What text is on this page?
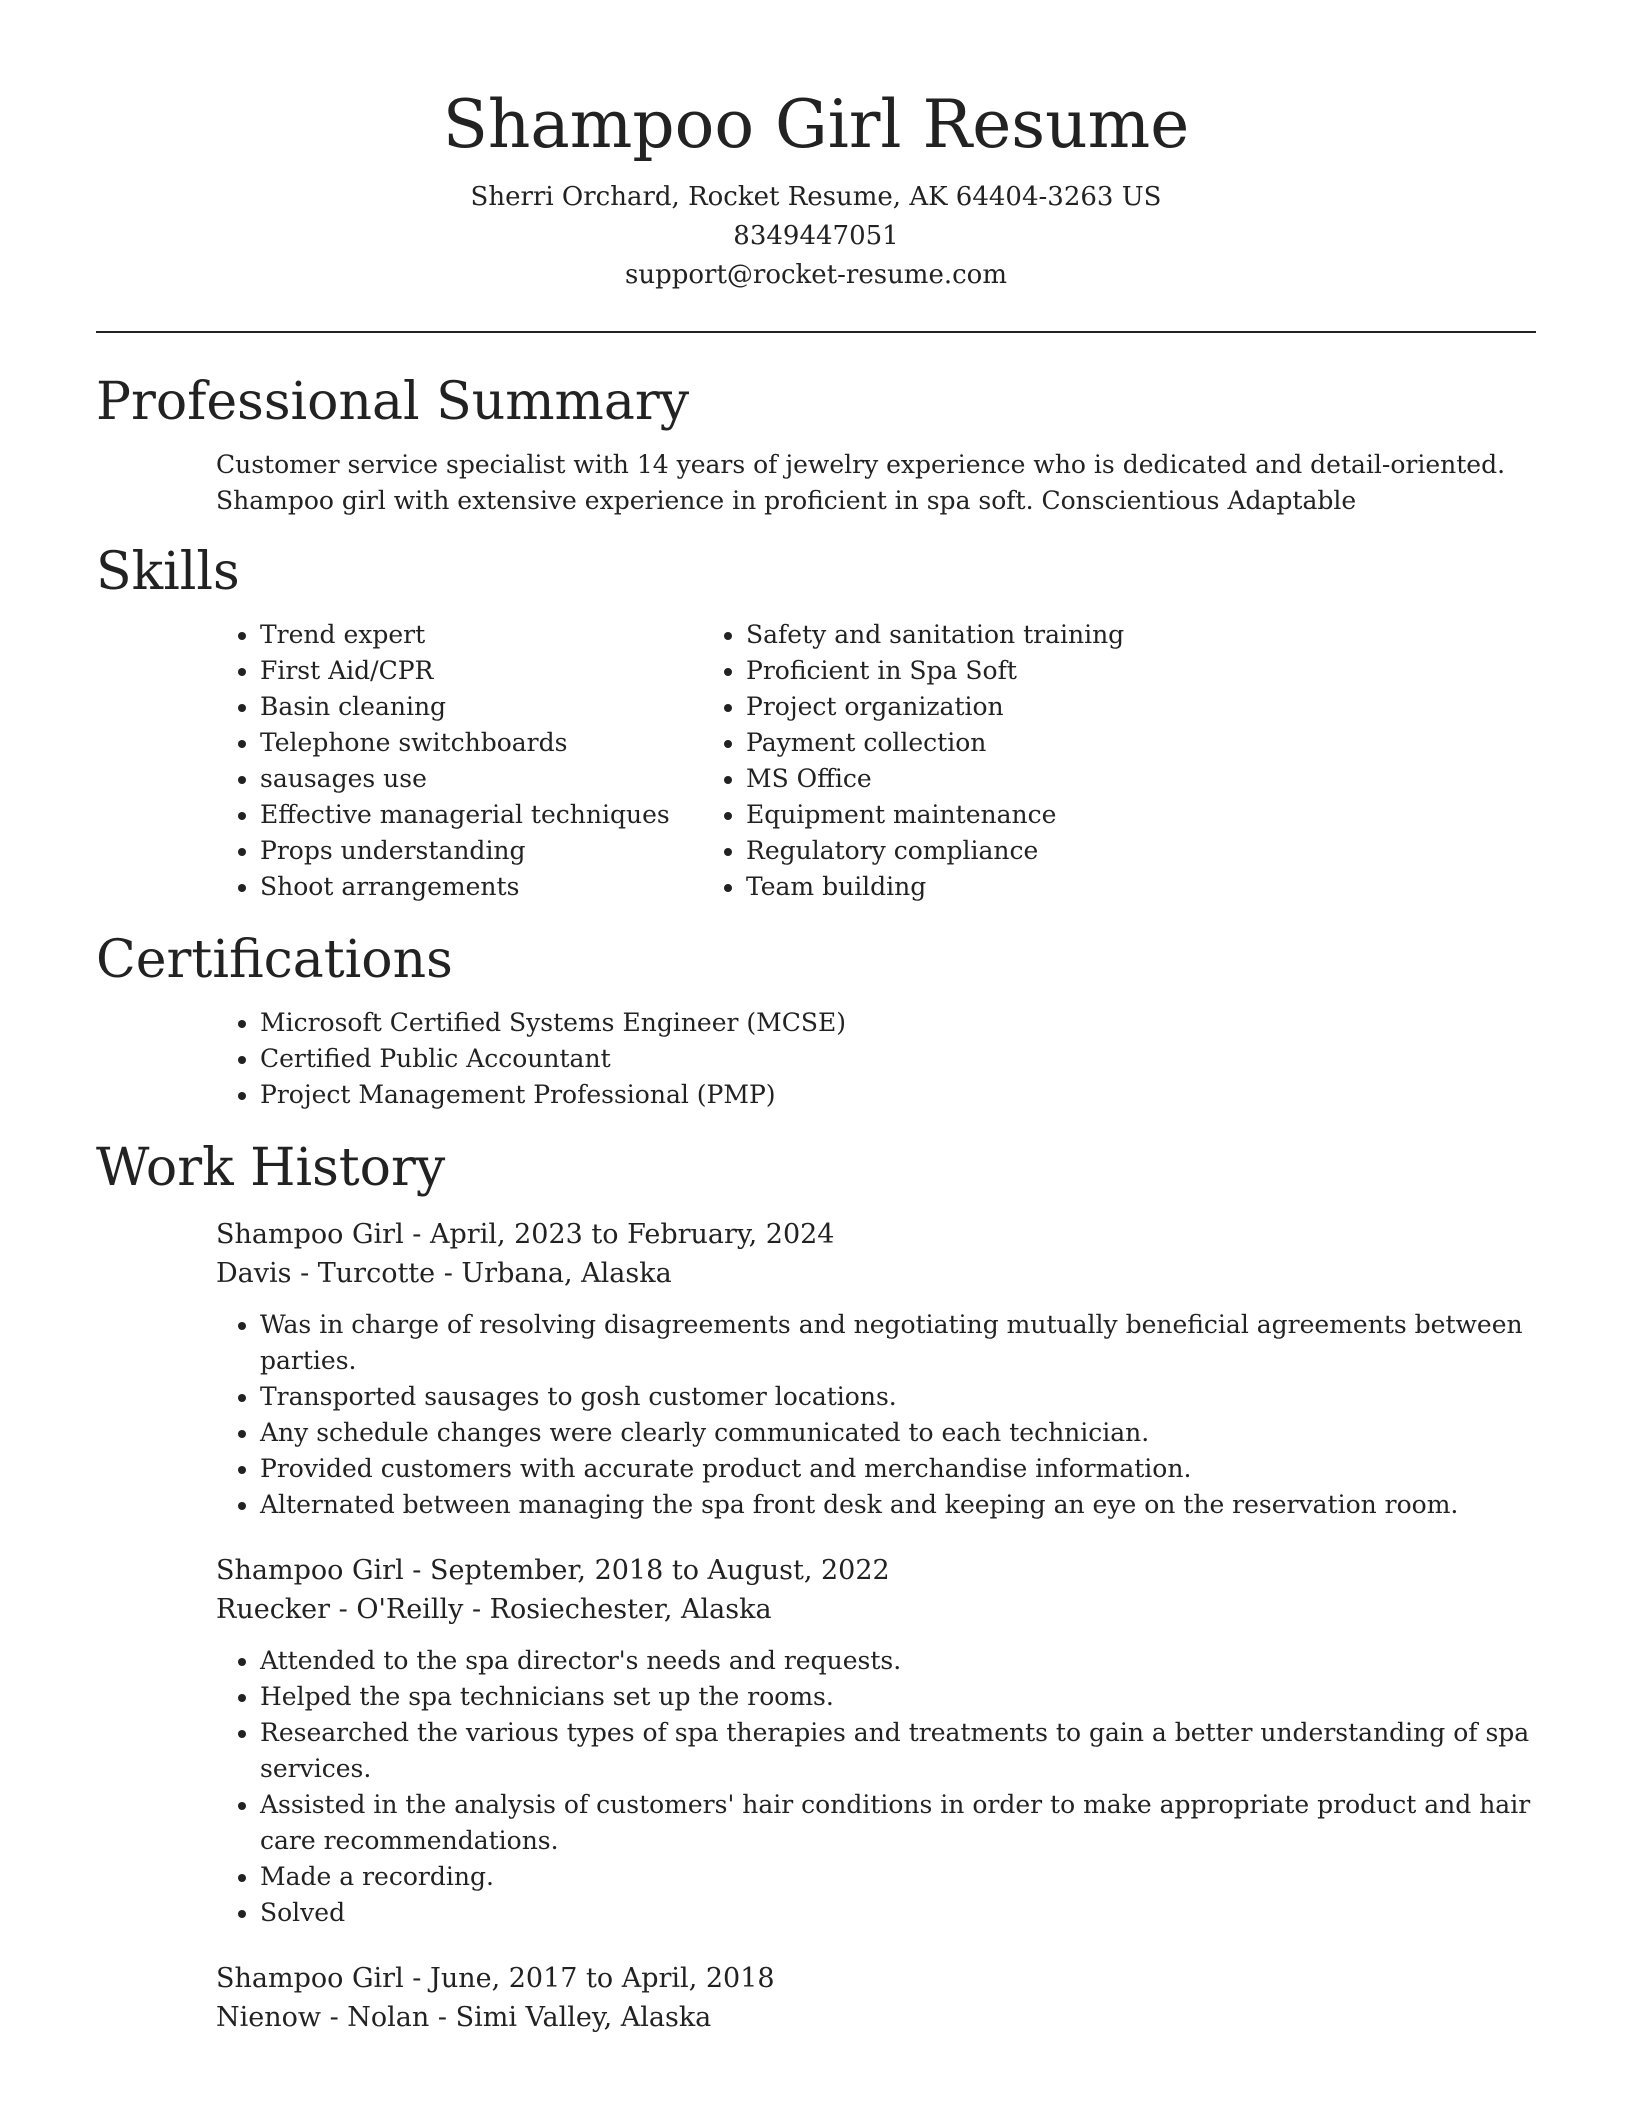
Shampoo Girl Resume

Sherri Orchard, Rocket Resume, AK 64404-3263 US

8349447051

support@rocket-resume.com

Professional Summary

Customer service specialist with 14 years of jewelry experience who is dedicated and detail-oriented. Shampoo girl with extensive experience in proficient in spa soft. Conscientious Adaptable

Skills
• Trend expert
• First Aid/CPR
• Basin cleaning
• Telephone switchboards
• sausages use
• Effective managerial techniques
• Props understanding
• Shoot arrangements
• Safety and sanitation training
• Proficient in Spa Soft
• Project organization
• Payment collection
• MS Office
• Equipment maintenance
• Regulatory compliance
• Team building
Certifications
• Microsoft Certified Systems Engineer (MCSE)
• Certified Public Accountant
• Project Management Professional (PMP)
Work History

Shampoo Girl - April, 2023 to February, 2024

Davis - Turcotte - Urbana, Alaska

• Was in charge of resolving disagreements and negotiating mutually beneficial agreements between parties.
• Transported sausages to gosh customer locations.
• Any schedule changes were clearly communicated to each technician.
• Provided customers with accurate product and merchandise information.
• Alternated between managing the spa front desk and keeping an eye on the reservation room.

Shampoo Girl - September, 2018 to August, 2022

Ruecker - O'Reilly - Rosiechester, Alaska

• Attended to the spa director's needs and requests.
• Helped the spa technicians set up the rooms.
• Researched the various types of spa therapies and treatments to gain a better understanding of spa services.
• Assisted in the analysis of customers' hair conditions in order to make appropriate product and hair care recommendations.
• Made a recording.
• Solved

Shampoo Girl - June, 2017 to April, 2018

Nienow - Nolan - Simi Valley, Alaska
